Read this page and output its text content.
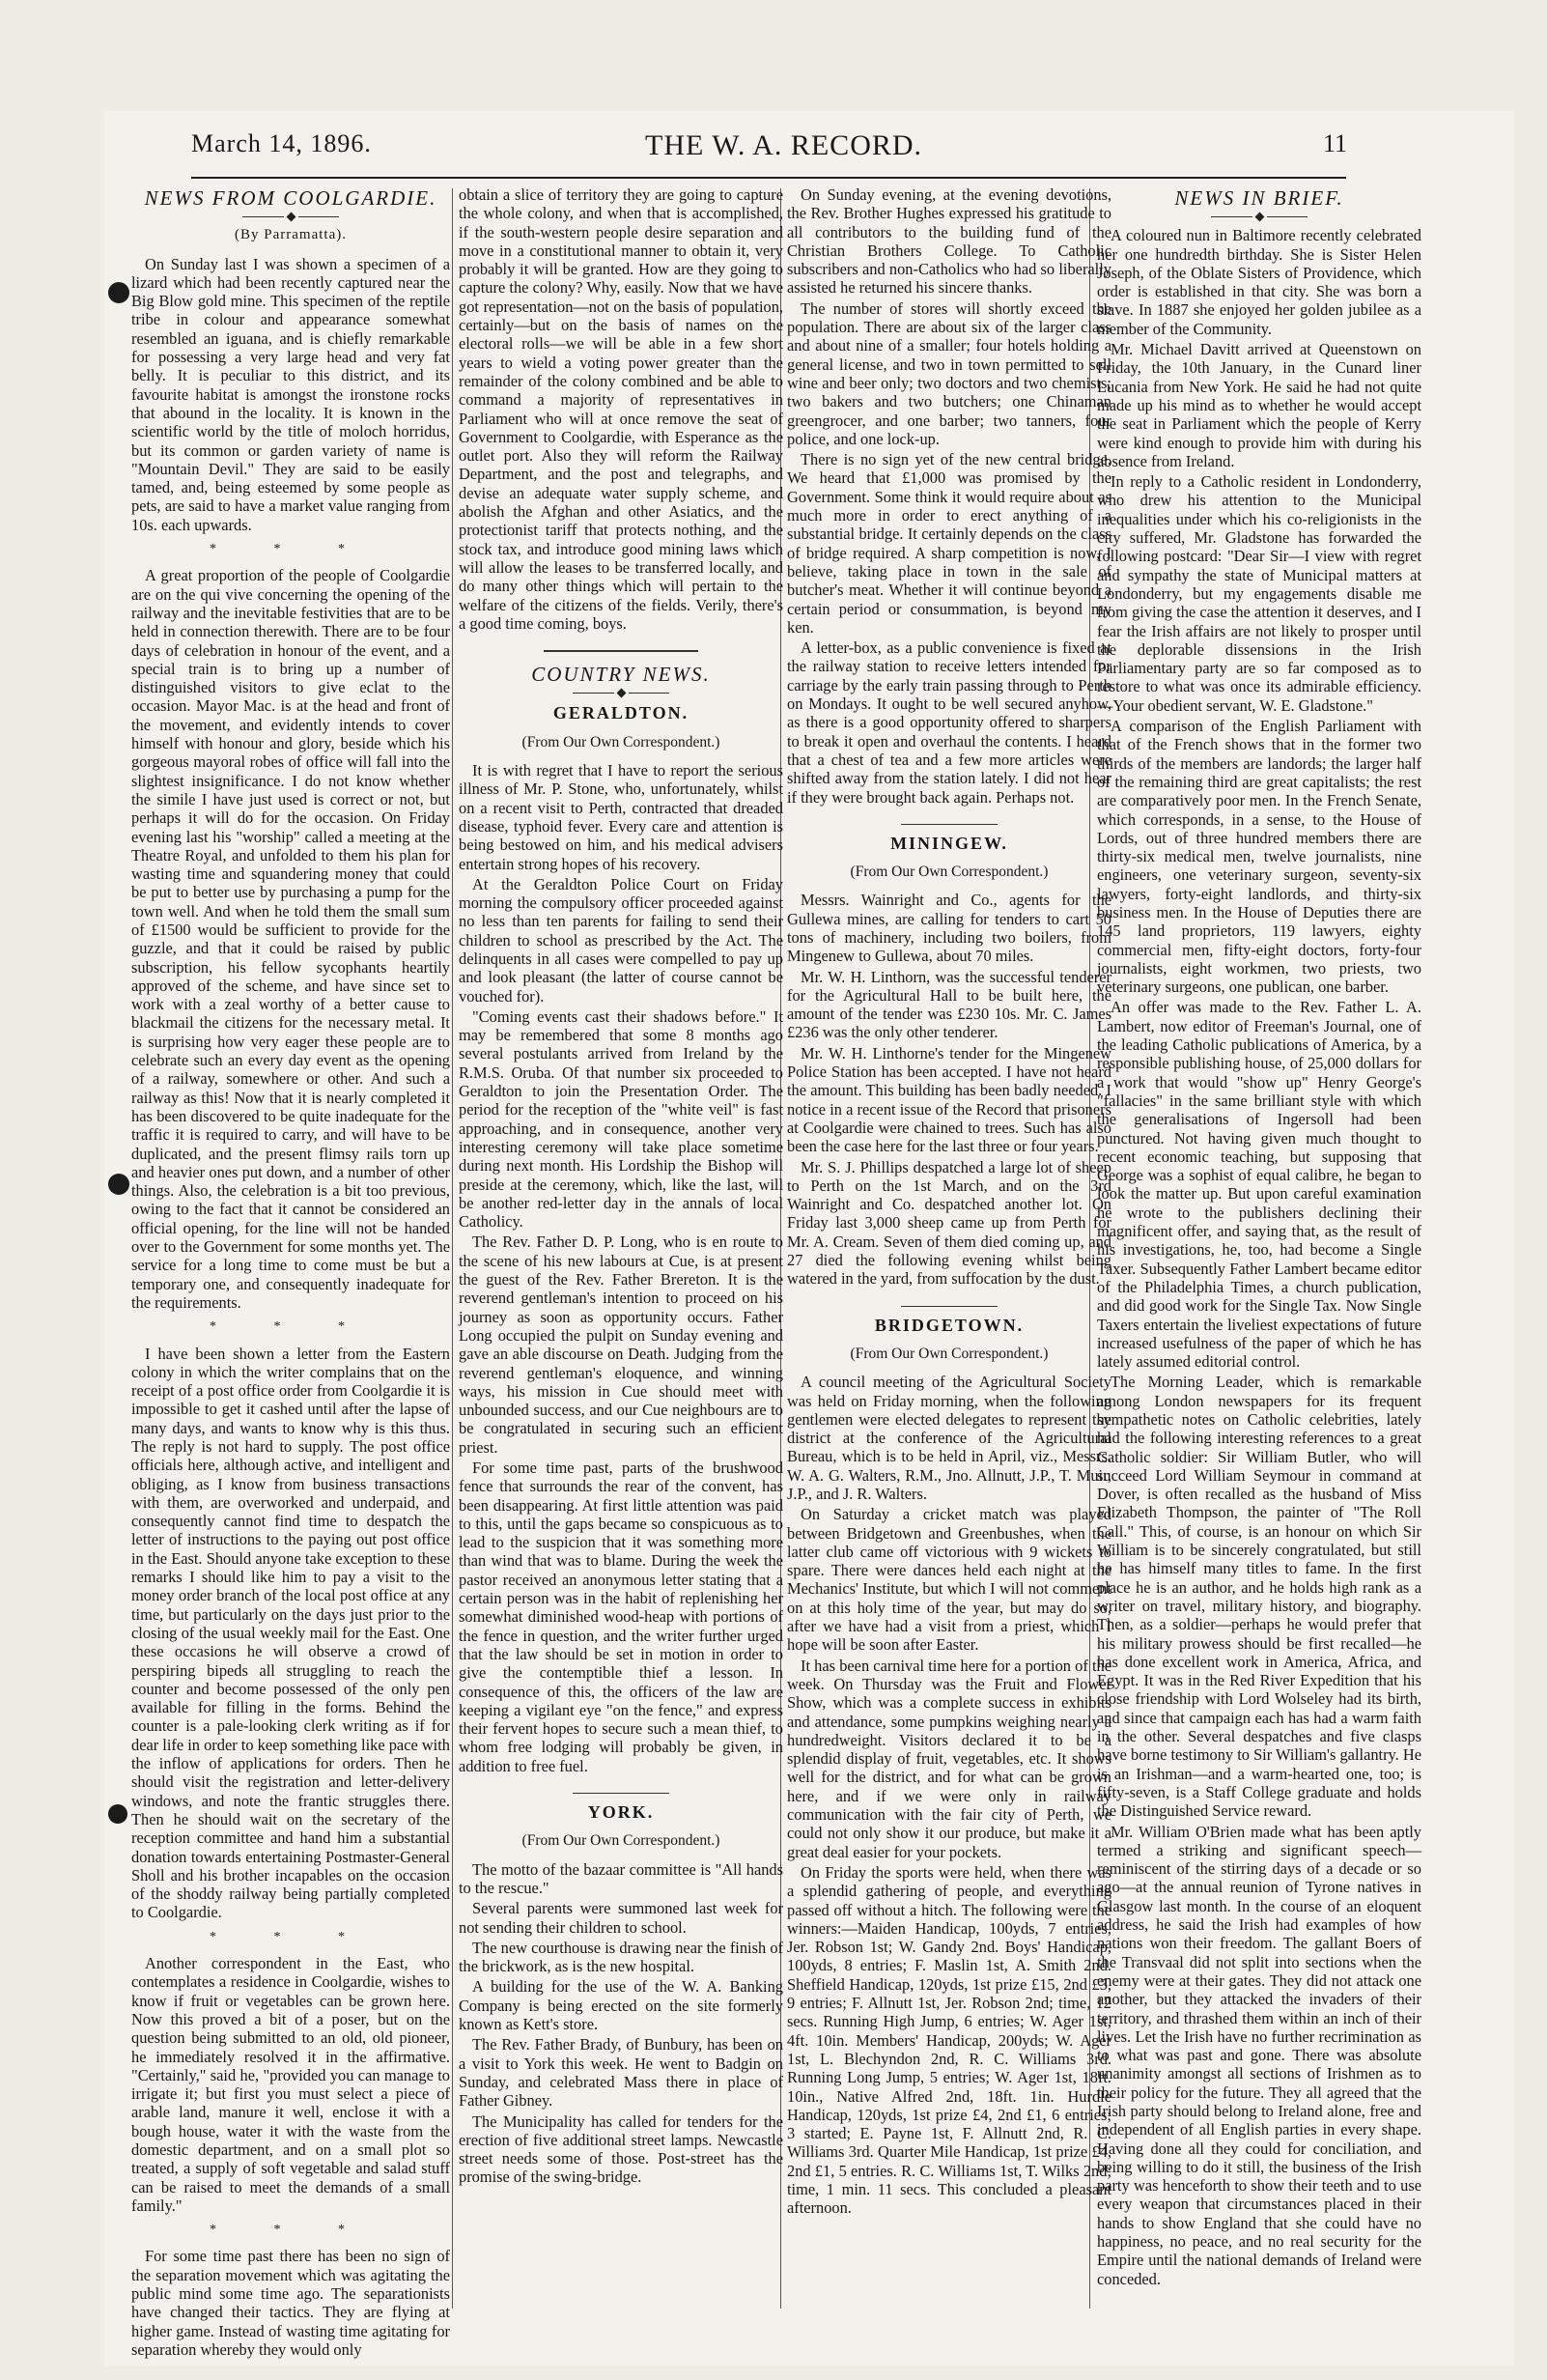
March 14, 1896.	THE W. A. RECORD.	11
NEWS FROM COOLGARDIE.
(By Parramatta).

On Sunday last I was shown a specimen of a lizard which had been recently captured near the Big Blow gold mine. This specimen of the reptile tribe in colour and appearance somewhat resembled an iguana, and is chiefly remarkable for possessing a very large head and very fat belly. It is peculiar to this district, and its favourite habitat is amongst the ironstone rocks that abound in the locality. It is known in the scientific world by the title of moloch horridus, but its common or garden variety of name is "Mountain Devil." They are said to be easily tamed, and, being esteemed by some people as pets, are said to have a market value ranging from 10s. each upwards.

* * *

A great proportion of the people of Coolgardie are on the qui vive concerning the opening of the railway and the inevitable festivities that are to be held in connection therewith. There are to be four days of celebration in honour of the event, and a special train is to bring up a number of distinguished visitors to give eclat to the occasion. Mayor Mac. is at the head and front of the movement, and evidently intends to cover himself with honour and glory, beside which his gorgeous mayoral robes of office will fall into the slightest insignificance. I do not know whether the simile I have just used is correct or not, but perhaps it will do for the occasion. On Friday evening last his "worship" called a meeting at the Theatre Royal, and unfolded to them his plan for wasting time and squandering money that could be put to better use by purchasing a pump for the town well. And when he told them the small sum of £1500 would be sufficient to provide for the guzzle, and that it could be raised by public subscription, his fellow sycophants heartily approved of the scheme, and have since set to work with a zeal worthy of a better cause to blackmail the citizens for the necessary metal. It is surprising how very eager these people are to celebrate such an every day event as the opening of a railway, somewhere or other. And such a railway as this! Now that it is nearly completed it has been discovered to be quite inadequate for the traffic it is required to carry, and will have to be duplicated, and the present flimsy rails torn up and heavier ones put down, and a number of other things. Also, the celebration is a bit too previous, owing to the fact that it cannot be considered an official opening, for the line will not be handed over to the Government for some months yet. The service for a long time to come must be but a temporary one, and consequently inadequate for the requirements.

* * *

I have been shown a letter from the Eastern colony in which the writer complains that on the receipt of a post office order from Coolgardie it is impossible to get it cashed until after the lapse of many days, and wants to know why is this thus. The reply is not hard to supply. The post office officials here, although active, and intelligent and obliging, as I know from business transactions with them, are overworked and underpaid, and consequently cannot find time to despatch the letter of instructions to the paying out post office in the East. Should anyone take exception to these remarks I should like him to pay a visit to the money order branch of the local post office at any time, but particularly on the days just prior to the closing of the usual weekly mail for the East. One these occasions he will observe a crowd of perspiring bipeds all struggling to reach the counter and become possessed of the only pen available for filling in the forms. Behind the counter is a pale-looking clerk writing as if for dear life in order to keep something like pace with the inflow of applications for orders. Then he should visit the registration and letter-delivery windows, and note the frantic struggles there. Then he should wait on the secretary of the reception committee and hand him a substantial donation towards entertaining Postmaster-General Sholl and his brother incapables on the occasion of the shoddy railway being partially completed to Coolgardie.

* * *

Another correspondent in the East, who contemplates a residence in Coolgardie, wishes to know if fruit or vegetables can be grown here. Now this proved a bit of a poser, but on the question being submitted to an old, old pioneer, he immediately resolved it in the affirmative. "Certainly," said he, "provided you can manage to irrigate it; but first you must select a piece of arable land, manure it well, enclose it with a bough house, water it with the waste from the domestic department, and on a small plot so treated, a supply of soft vegetable and salad stuff can be raised to meet the demands of a small family."

* * *

For some time past there has been no sign of the separation movement which was agitating the public mind some time ago. The separationists have changed their tactics. They are flying at higher game. Instead of wasting time agitating for separation whereby they would only

obtain a slice of territory they are going to capture the whole colony, and when that is accomplished, if the south-western people desire separation and move in a constitutional manner to obtain it, very probably it will be granted. How are they going to capture the colony? Why, easily. Now that we have got representation—not on the basis of population, certainly—but on the basis of names on the electoral rolls—we will be able in a few short years to wield a voting power greater than the remainder of the colony combined and be able to command a majority of representatives in Parliament who will at once remove the seat of Government to Coolgardie, with Esperance as the outlet port. Also they will reform the Railway Department, and the post and telegraphs, and devise an adequate water supply scheme, and abolish the Afghan and other Asiatics, and the protectionist tariff that protects nothing, and the stock tax, and introduce good mining laws which will allow the leases to be transferred locally, and do many other things which will pertain to the welfare of the citizens of the fields. Verily, there's a good time coming, boys.

COUNTRY NEWS.
GERALDTON.
(From Our Own Correspondent.)

It is with regret that I have to report the serious illness of Mr. P. Stone, who, unfortunately, whilst on a recent visit to Perth, contracted that dreaded disease, typhoid fever. Every care and attention is being bestowed on him, and his medical advisers entertain strong hopes of his recovery.

At the Geraldton Police Court on Friday morning the compulsory officer proceeded against no less than ten parents for failing to send their children to school as prescribed by the Act. The delinquents in all cases were compelled to pay up and look pleasant (the latter of course cannot be vouched for).

"Coming events cast their shadows before." It may be remembered that some 8 months ago several postulants arrived from Ireland by the R.M.S. Oruba. Of that number six proceeded to Geraldton to join the Presentation Order. The period for the reception of the "white veil" is fast approaching, and in consequence, another very interesting ceremony will take place sometime during next month. His Lordship the Bishop will preside at the ceremony, which, like the last, will be another red-letter day in the annals of local Catholicy.

The Rev. Father D. P. Long, who is en route to the scene of his new labours at Cue, is at present the guest of the Rev. Father Brereton. It is the reverend gentleman's intention to proceed on his journey as soon as opportunity occurs. Father Long occupied the pulpit on Sunday evening and gave an able discourse on Death. Judging from the reverend gentleman's eloquence, and winning ways, his mission in Cue should meet with unbounded success, and our Cue neighbours are to be congratulated in securing such an efficient priest.

For some time past, parts of the brushwood fence that surrounds the rear of the convent, has been disappearing. At first little attention was paid to this, until the gaps became so conspicuous as to lead to the suspicion that it was something more than wind that was to blame. During the week the pastor received an anonymous letter stating that a certain person was in the habit of replenishing her somewhat diminished wood-heap with portions of the fence in question, and the writer further urged that the law should be set in motion in order to give the contemptible thief a lesson. In consequence of this, the officers of the law are keeping a vigilant eye "on the fence," and express their fervent hopes to secure such a mean thief, to whom free lodging will probably be given, in addition to free fuel.

YORK.
(From Our Own Correspondent.)

The motto of the bazaar committee is "All hands to the rescue."

Several parents were summoned last week for not sending their children to school.

The new courthouse is drawing near the finish of the brickwork, as is the new hospital.

A building for the use of the W. A. Banking Company is being erected on the site formerly known as Kett's store.

The Rev. Father Brady, of Bunbury, has been on a visit to York this week. He went to Badgin on Sunday, and celebrated Mass there in place of Father Gibney.

The Municipality has called for tenders for the erection of five additional street lamps. Newcastle street needs some of those. Post-street has the promise of the swing-bridge.

On Sunday evening, at the evening devotions, the Rev. Brother Hughes expressed his gratitude to all contributors to the building fund of the Christian Brothers College. To Catholic subscribers and non-Catholics who had so liberally assisted he returned his sincere thanks.

The number of stores will shortly exceed the population. There are about six of the larger class and about nine of a smaller; four hotels holding a general license, and two in town permitted to sell wine and beer only; two doctors and two chemists; two bakers and two butchers; one Chinaman greengrocer, and one barber; two tanners, four police, and one lock-up.

There is no sign yet of the new central bridge. We heard that £1,000 was promised by the Government. Some think it would require about as much more in order to erect anything of a substantial bridge. It certainly depends on the class of bridge required. A sharp competition is now, I believe, taking place in town in the sale of butcher's meat. Whether it will continue beyond a certain period or consummation, is beyond my ken.

A letter-box, as a public convenience is fixed at the railway station to receive letters intended for carriage by the early train passing through to Perth on Mondays. It ought to be well secured anyhow, as there is a good opportunity offered to sharpers to break it open and overhaul the contents. I heard that a chest of tea and a few more articles were shifted away from the station lately. I did not hear if they were brought back again. Perhaps not.

MININGEW.
(From Our Own Correspondent.)

Messrs. Wainright and Co., agents for the Gullewa mines, are calling for tenders to cart 50 tons of machinery, including two boilers, from Mingenew to Gullewa, about 70 miles.

Mr. W. H. Linthorn, was the successful tenderer for the Agricultural Hall to be built here, the amount of the tender was £230 10s. Mr. C. James £236 was the only other tenderer.

Mr. W. H. Linthorne's tender for the Mingenew Police Station has been accepted. I have not heard the amount. This building has been badly needed. I notice in a recent issue of the Record that prisoners at Coolgardie were chained to trees. Such has also been the case here for the last three or four years.

Mr. S. J. Phillips despatched a large lot of sheep to Perth on the 1st March, and on the 3rd Wainright and Co. despatched another lot. On Friday last 3,000 sheep came up from Perth for Mr. A. Cream. Seven of them died coming up, and 27 died the following evening whilst being watered in the yard, from suffocation by the dust.

BRIDGETOWN.
(From Our Own Correspondent.)

A council meeting of the Agricultural Society was held on Friday morning, when the following gentlemen were elected delegates to represent the district at the conference of the Agricultural Bureau, which is to be held in April, viz., Messrs. W. A. G. Walters, R.M., Jno. Allnutt, J.P., T. Muir, J.P., and J. R. Walters.

On Saturday a cricket match was played between Bridgetown and Greenbushes, when the latter club came off victorious with 9 wickets to spare. There were dances held each night at the Mechanics' Institute, but which I will not comment on at this holy time of the year, but may do so, after we have had a visit from a priest, which I hope will be soon after Easter.

It has been carnival time here for a portion of the week. On Thursday was the Fruit and Flower Show, which was a complete success in exhibits and attendance, some pumpkins weighing nearly a hundredweight. Visitors declared it to be a splendid display of fruit, vegetables, etc. It shows well for the district, and for what can be grown here, and if we were only in railway communication with the fair city of Perth, we could not only show it our produce, but make it a great deal easier for your pockets.

On Friday the sports were held, when there was a splendid gathering of people, and everything passed off without a hitch. The following were the winners:—Maiden Handicap, 100yds, 7 entries, Jer. Robson 1st; W. Gandy 2nd. Boys' Handicap, 100yds, 8 entries; F. Maslin 1st, A. Smith 2nd. Sheffield Handicap, 120yds, 1st prize £15, 2nd £3, 9 entries; F. Allnutt 1st, Jer. Robson 2nd; time, 12 secs. Running High Jump, 6 entries; W. Ager 1st, 4ft. 10in. Members' Handicap, 200yds; W. Ager 1st, L. Blechyndon 2nd, R. C. Williams 3rd. Running Long Jump, 5 entries; W. Ager 1st, 18ft. 10in., Native Alfred 2nd, 18ft. 1in. Hurdle Handicap, 120yds, 1st prize £4, 2nd £1, 6 entries; 3 started; E. Payne 1st, F. Allnutt 2nd, R. C. Williams 3rd. Quarter Mile Handicap, 1st prize £4, 2nd £1, 5 entries. R. C. Williams 1st, T. Wilks 2nd; time, 1 min. 11 secs. This concluded a pleasant afternoon.

NEWS IN BRIEF.

A coloured nun in Baltimore recently celebrated her one hundredth birthday. She is Sister Helen Joseph, of the Oblate Sisters of Providence, which order is established in that city. She was born a slave. In 1887 she enjoyed her golden jubilee as a member of the Community.

Mr. Michael Davitt arrived at Queenstown on Friday, the 10th January, in the Cunard liner Lucania from New York. He said he had not quite made up his mind as to whether he would accept the seat in Parliament which the people of Kerry were kind enough to provide him with during his absence from Ireland.

In reply to a Catholic resident in Londonderry, who drew his attention to the Municipal inequalities under which his co-religionists in the city suffered, Mr. Gladstone has forwarded the following postcard: "Dear Sir—I view with regret and sympathy the state of Municipal matters at Londonderry, but my engagements disable me from giving the case the attention it deserves, and I fear the Irish affairs are not likely to prosper until the deplorable dissensions in the Irish Parliamentary party are so far composed as to restore to what was once its admirable efficiency.—Your obedient servant, W. E. Gladstone."

A comparison of the English Parliament with that of the French shows that in the former two thirds of the members are landords; the larger half of the remaining third are great capitalists; the rest are comparatively poor men. In the French Senate, which corresponds, in a sense, to the House of Lords, out of three hundred members there are thirty-six medical men, twelve journalists, nine engineers, one veterinary surgeon, seventy-six lawyers, forty-eight landlords, and thirty-six business men. In the House of Deputies there are 145 land proprietors, 119 lawyers, eighty commercial men, fifty-eight doctors, forty-four journalists, eight workmen, two priests, two veterinary surgeons, one publican, one barber.

An offer was made to the Rev. Father L. A. Lambert, now editor of Freeman's Journal, one of the leading Catholic publications of America, by a responsible publishing house, of 25,000 dollars for a work that would "show up" Henry George's "fallacies" in the same brilliant style with which the generalisations of Ingersoll had been punctured. Not having given much thought to recent economic teaching, but supposing that George was a sophist of equal calibre, he began to look the matter up. But upon careful examination he wrote to the publishers declining their magnificent offer, and saying that, as the result of his investigations, he, too, had become a Single Taxer. Subsequently Father Lambert became editor of the Philadelphia Times, a church publication, and did good work for the Single Tax. Now Single Taxers entertain the liveliest expectations of future increased usefulness of the paper of which he has lately assumed editorial control.

The Morning Leader, which is remarkable among London newspapers for its frequent sympathetic notes on Catholic celebrities, lately had the following interesting references to a great Catholic soldier: Sir William Butler, who will succeed Lord William Seymour in command at Dover, is often recalled as the husband of Miss Elizabeth Thompson, the painter of "The Roll Call." This, of course, is an honour on which Sir William is to be sincerely congratulated, but still he has himself many titles to fame. In the first place he is an author, and he holds high rank as a writer on travel, military history, and biography. Then, as a soldier—perhaps he would prefer that his military prowess should be first recalled—he has done excellent work in America, Africa, and Egypt. It was in the Red River Expedition that his close friendship with Lord Wolseley had its birth, and since that campaign each has had a warm faith in the other. Several despatches and five clasps have borne testimony to Sir William's gallantry. He is an Irishman—and a warm-hearted one, too; is fifty-seven, is a Staff College graduate and holds the Distinguished Service reward.

Mr. William O'Brien made what has been aptly termed a striking and significant speech—reminiscent of the stirring days of a decade or so ago—at the annual reunion of Tyrone natives in Glasgow last month. In the course of an eloquent address, he said the Irish had examples of how nations won their freedom. The gallant Boers of the Transvaal did not split into sections when the enemy were at their gates. They did not attack one another, but they attacked the invaders of their territory, and thrashed them within an inch of their lives. Let the Irish have no further recrimination as to what was past and gone. There was absolute unanimity amongst all sections of Irishmen as to their policy for the future. They all agreed that the Irish party should belong to Ireland alone, free and independent of all English parties in every shape. Having done all they could for conciliation, and being willing to do it still, the business of the Irish party was henceforth to show their teeth and to use every weapon that circumstances placed in their hands to show England that she could have no happiness, no peace, and no real security for the Empire until the national demands of Ireland were conceded.
